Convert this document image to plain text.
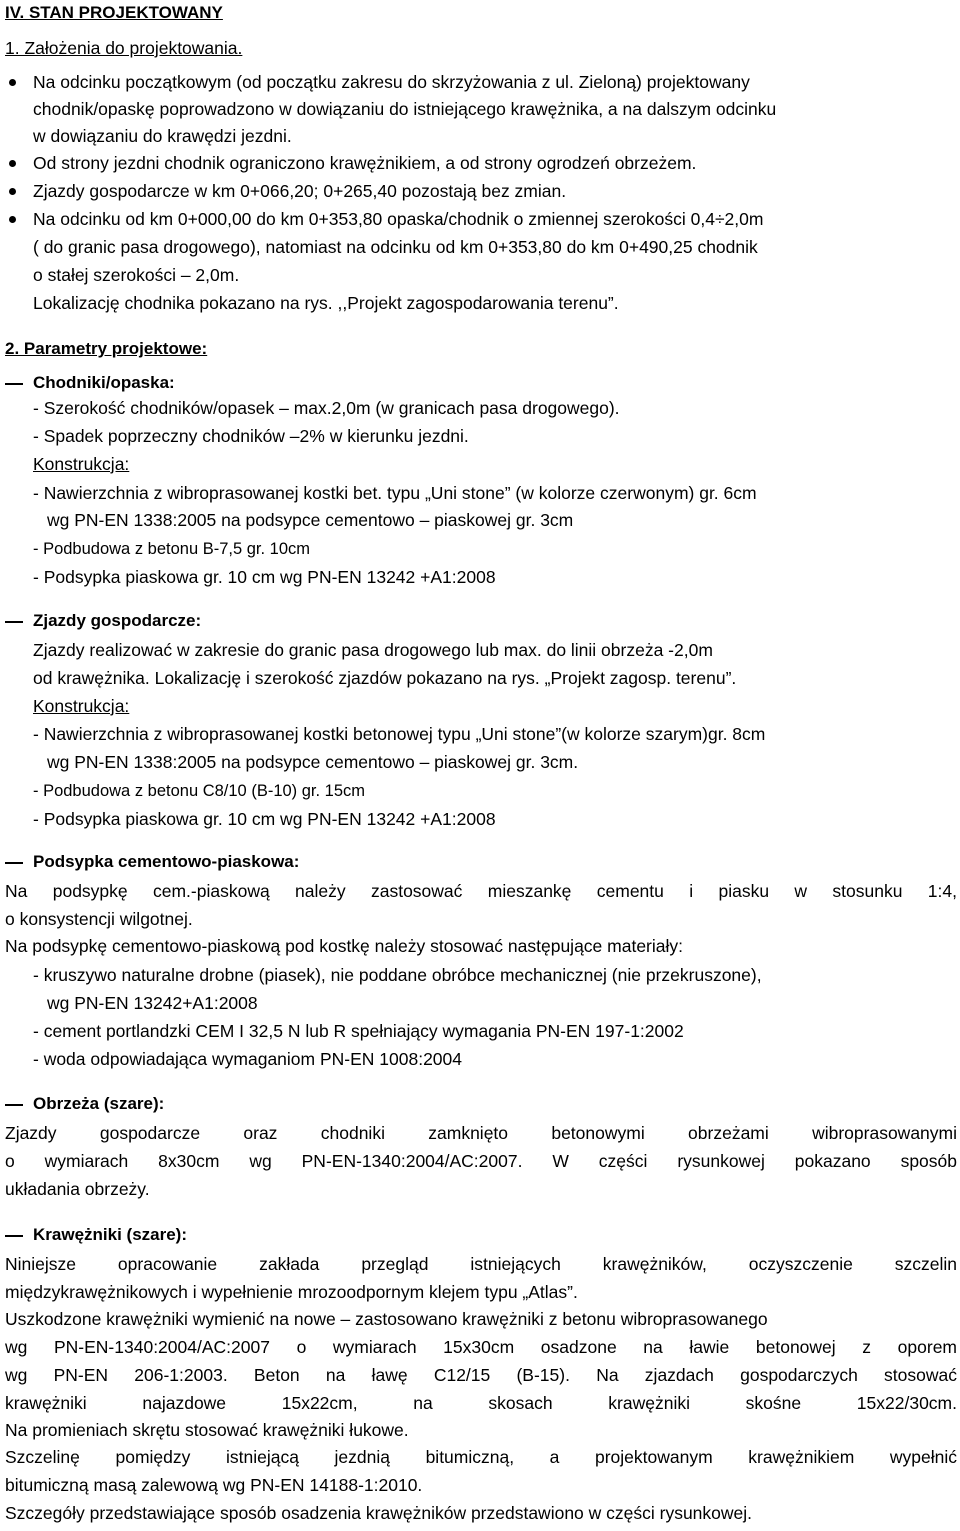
IV. STAN PROJEKTOWANY
1. Założenia do projektowania.
Na odcinku początkowym (od początku zakresu do skrzyżowania z ul. Zieloną) projektowany
chodnik/opaskę poprowadzono w dowiązaniu do istniejącego krawężnika, a na dalszym odcinku
w dowiązaniu do krawędzi jezdni.
Od strony jezdni chodnik ograniczono krawężnikiem, a od strony ogrodzeń obrzeżem.
Zjazdy gospodarcze w km 0+066,20; 0+265,40 pozostają bez zmian.
Na odcinku od km 0+000,00 do km 0+353,80 opaska/chodnik o zmiennej szerokości 0,4÷2,0m
( do granic pasa drogowego), natomiast na odcinku od km 0+353,80 do km 0+490,25 chodnik
o stałej szerokości – 2,0m.
Lokalizację chodnika pokazano na rys. ,,Projekt zagospodarowania terenu”.
2. Parametry projektowe:
Chodniki/opaska:
- Szerokość chodników/opasek – max.2,0m (w granicach pasa drogowego).
- Spadek poprzeczny chodników –2% w kierunku jezdni.
Konstrukcja:
- Nawierzchnia z wibroprasowanej kostki bet. typu „Uni stone” (w kolorze czerwonym) gr. 6cm
wg PN-EN 1338:2005 na podsypce cementowo – piaskowej gr. 3cm
- Podbudowa z betonu B-7,5 gr. 10cm
- Podsypka piaskowa gr. 10 cm wg PN-EN 13242 +A1:2008
Zjazdy gospodarcze:
Zjazdy realizować w zakresie do granic pasa drogowego lub max. do linii obrzeża -2,0m
od krawężnika. Lokalizację i szerokość zjazdów pokazano na rys. „Projekt zagosp. terenu”.
Konstrukcja:
- Nawierzchnia z wibroprasowanej kostki betonowej typu „Uni stone”(w kolorze szarym)gr. 8cm
wg PN-EN 1338:2005 na podsypce cementowo – piaskowej gr. 3cm.
- Podbudowa z betonu C8/10 (B-10) gr. 15cm
- Podsypka piaskowa gr. 10 cm wg PN-EN 13242 +A1:2008
Podsypka cementowo-piaskowa:
Na podsypkę cem.-piaskową należy zastosować mieszankę cementu i piasku w stosunku 1:4,
o konsystencji wilgotnej.
Na podsypkę cementowo-piaskową pod kostkę należy stosować następujące materiały:
- kruszywo naturalne drobne (piasek), nie poddane obróbce mechanicznej (nie przekruszone),
wg PN-EN 13242+A1:2008
- cement portlandzki CEM I 32,5 N lub R spełniający wymagania PN-EN 197-1:2002
- woda odpowiadająca wymaganiom PN-EN 1008:2004
Obrzeża (szare):
Zjazdy gospodarcze oraz chodniki zamknięto betonowymi obrzeżami wibroprasowanymi
o wymiarach 8x30cm wg PN-EN-1340:2004/AC:2007. W części rysunkowej pokazano sposób
układania obrzeży.
Krawężniki (szare):
Niniejsze opracowanie zakłada przegląd istniejących krawężników, oczyszczenie szczelin
międzykrawężnikowych i wypełnienie mrozoodpornym klejem typu „Atlas”.
Uszkodzone krawężniki wymienić na nowe – zastosowano krawężniki z betonu wibroprasowanego
wg PN-EN-1340:2004/AC:2007 o wymiarach 15x30cm osadzone na ławie betonowej z oporem
wg PN-EN 206-1:2003. Beton na ławę C12/15 (B-15). Na zjazdach gospodarczych stosować
krawężniki najazdowe 15x22cm, na skosach krawężniki skośne 15x22/30cm.
Na promieniach skrętu stosować krawężniki łukowe.
Szczelinę pomiędzy istniejącą jezdnią bitumiczną, a projektowanym krawężnikiem wypełnić
bitumiczną masą zalewową wg PN-EN 14188-1:2010.
Szczegóły przedstawiające sposób osadzenia krawężników przedstawiono w części rysunkowej.
